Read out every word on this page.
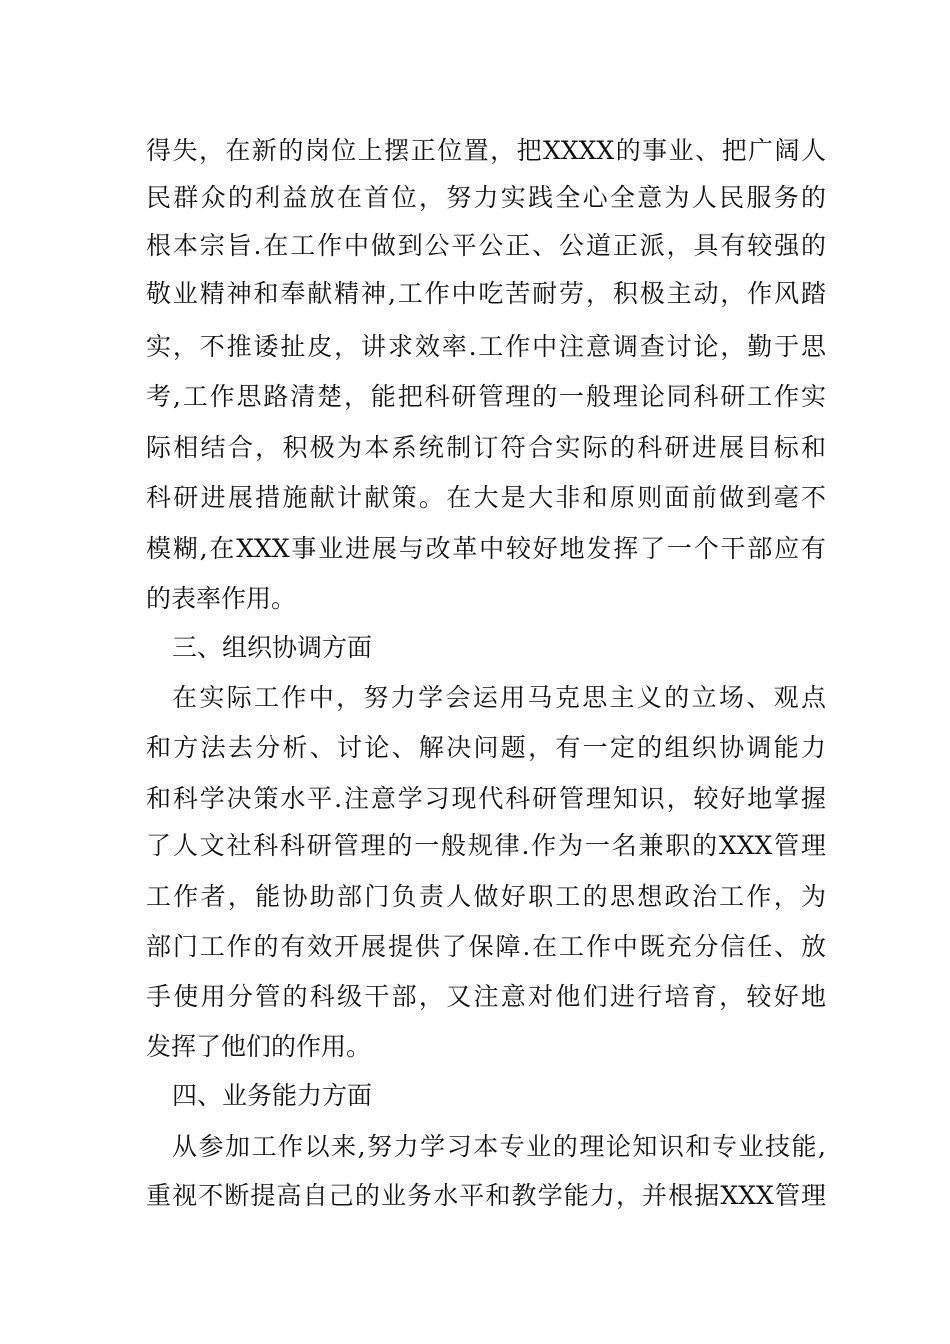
得失，在新的岗位上摆正位置，把XXXX的事业、把广阔人
民群众的利益放在首位，努力实践全心全意为人民服务的
根本宗旨.在工作中做到公平公正、公道正派，具有较强的
敬业精神和奉献精神,工作中吃苦耐劳，积极主动，作风踏
实，不推诿扯皮，讲求效率.工作中注意调查讨论，勤于思
考,工作思路清楚，能把科研管理的一般理论同科研工作实
际相结合，积极为本系统制订符合实际的科研进展目标和
科研进展措施献计献策。在大是大非和原则面前做到毫不
模糊,在XXX事业进展与改革中较好地发挥了一个干部应有
的表率作用。
三、组织协调方面
在实际工作中，努力学会运用马克思主义的立场、观点
和方法去分析、讨论、解决问题，有一定的组织协调能力
和科学决策水平.注意学习现代科研管理知识，较好地掌握
了人文社科科研管理的一般规律.作为一名兼职的XXX管理
工作者，能协助部门负责人做好职工的思想政治工作，为
部门工作的有效开展提供了保障.在工作中既充分信任、放
手使用分管的科级干部，又注意对他们进行培育，较好地
发挥了他们的作用。
四、业务能力方面
从参加工作以来,努力学习本专业的理论知识和专业技能,
重视不断提高自己的业务水平和教学能力，并根据XXX管理
